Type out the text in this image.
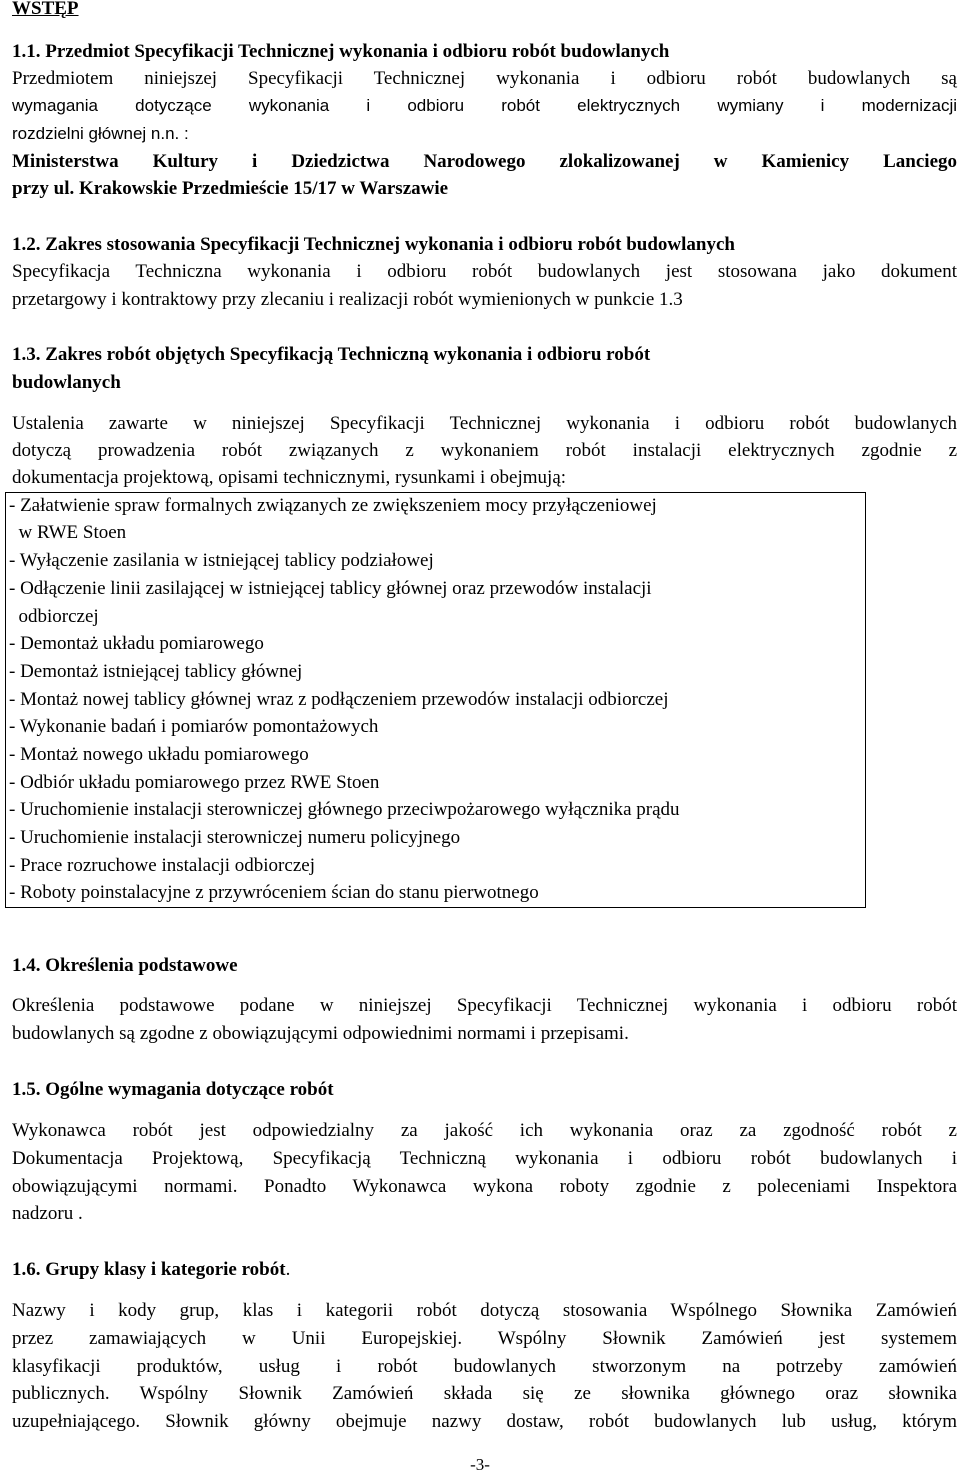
WSTĘP
1.1. Przedmiot Specyfikacji Technicznej wykonania i odbioru robót budowlanych
Przedmiotem niniejszej Specyfikacji Technicznej wykonania i odbioru robót budowlanych są
wymagania dotyczące wykonania i odbioru robót elektrycznych wymiany i modernizacji
rozdzielni głównej n.n. :
Ministerstwa Kultury i Dziedzictwa Narodowego zlokalizowanej w Kamienicy Lanciego
przy ul. Krakowskie Przedmieście 15/17 w Warszawie
1.2. Zakres stosowania Specyfikacji Technicznej wykonania i odbioru robót budowlanych
Specyfikacja Techniczna wykonania i odbioru robót budowlanych jest stosowana jako dokument
przetargowy i kontraktowy przy zlecaniu i realizacji robót wymienionych w punkcie 1.3
1.3. Zakres robót objętych Specyfikacją Techniczną wykonania i odbioru robót
budowlanych
Ustalenia zawarte w niniejszej Specyfikacji Technicznej wykonania i odbioru robót budowlanych
dotyczą prowadzenia robót związanych z wykonaniem robót instalacji elektrycznych zgodnie z
dokumentacja projektową, opisami technicznymi, rysunkami i obejmują:
- Załatwienie spraw formalnych związanych ze zwiększeniem mocy przyłączeniowej
w RWE Stoen
- Wyłączenie zasilania w istniejącej tablicy podziałowej
- Odłączenie linii zasilającej w istniejącej tablicy głównej oraz przewodów instalacji
odbiorczej
- Demontaż układu pomiarowego
- Demontaż istniejącej tablicy głównej
- Montaż nowej tablicy głównej wraz z podłączeniem przewodów instalacji odbiorczej
- Wykonanie badań i pomiarów pomontażowych
- Montaż nowego układu pomiarowego
- Odbiór układu pomiarowego przez RWE Stoen
- Uruchomienie instalacji sterowniczej głównego przeciwpożarowego wyłącznika prądu
- Uruchomienie instalacji sterowniczej numeru policyjnego
- Prace rozruchowe instalacji odbiorczej
- Roboty poinstalacyjne z przywróceniem ścian do stanu pierwotnego
1.4. Określenia podstawowe
Określenia podstawowe podane w niniejszej Specyfikacji Technicznej wykonania i odbioru robót
budowlanych są zgodne z obowiązującymi odpowiednimi normami i przepisami.
1.5. Ogólne wymagania dotyczące robót
Wykonawca robót jest odpowiedzialny za jakość ich wykonania oraz za zgodność robót z
Dokumentacja Projektową, Specyfikacją Techniczną wykonania i odbioru robót budowlanych i
obowiązującymi normami. Ponadto Wykonawca wykona roboty zgodnie z poleceniami Inspektora
nadzoru .
1.6. Grupy klasy i kategorie robót.
Nazwy i kody grup, klas i kategorii robót dotyczą stosowania Wspólnego Słownika Zamówień
przez zamawiających w Unii Europejskiej. Wspólny Słownik Zamówień jest systemem
klasyfikacji produktów, usług i robót budowlanych stworzonym na potrzeby zamówień
publicznych. Wspólny Słownik Zamówień składa się ze słownika głównego oraz słownika
uzupełniającego. Słownik główny obejmuje nazwy dostaw, robót budowlanych lub usług, którym
-3-
